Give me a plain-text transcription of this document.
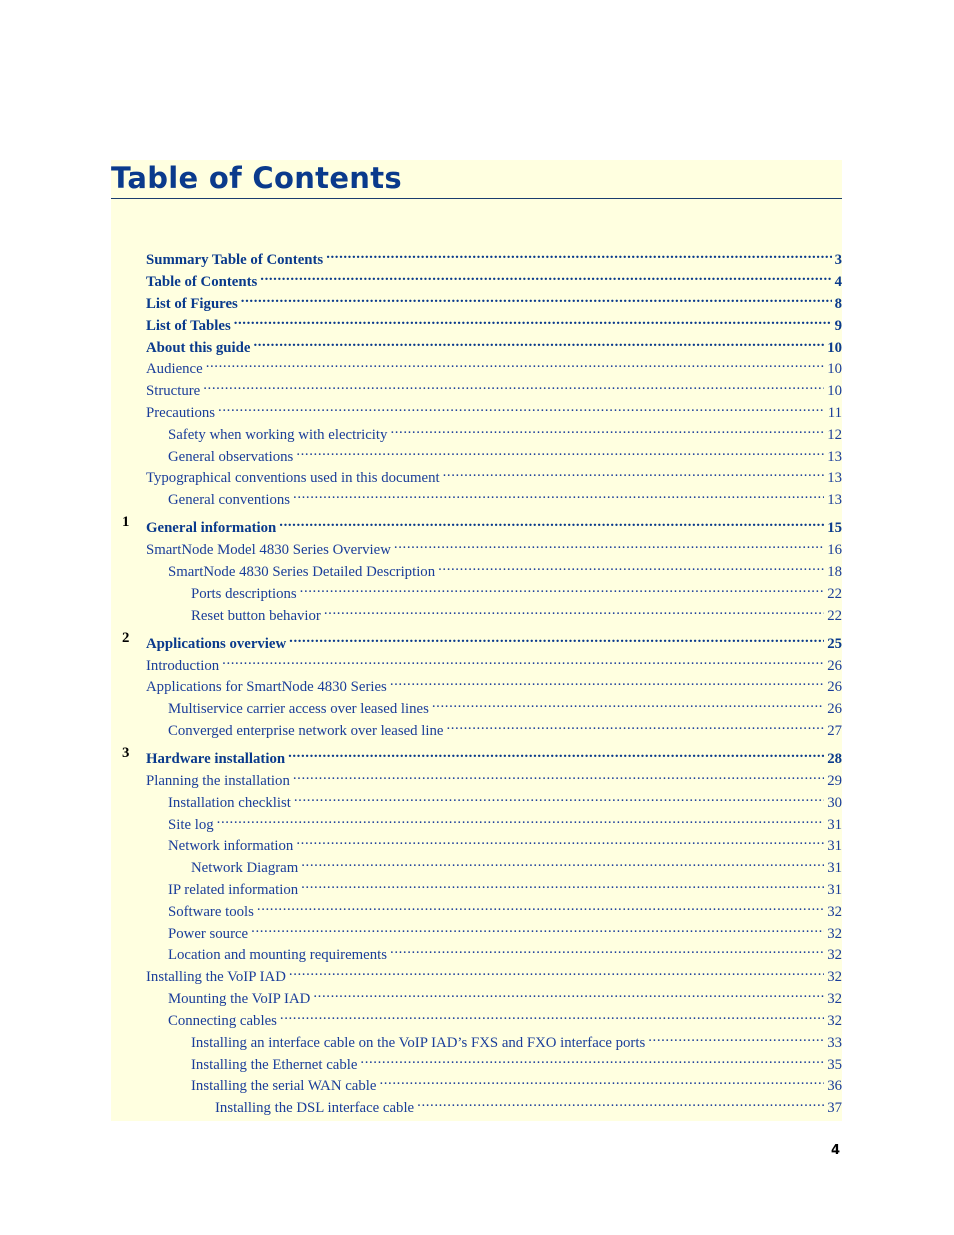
Table of Contents
Summary Table of Contents .....	3
Table of Contents .....	4
List of Figures .....	8
List of Tables .....	9
About this guide .....	10
Audience .....	10
Structure .....	10
Precautions .....	11
Safety when working with electricity .....	12
General observations .....	13
Typographical conventions used in this document .....	13
General conventions .....	13
1 General information .....	15
SmartNode Model 4830 Series Overview .....	16
SmartNode 4830 Series Detailed Description .....	18
Ports descriptions .....	22
Reset button behavior .....	22
2 Applications overview .....	25
Introduction .....	26
Applications for SmartNode 4830 Series .....	26
Multiservice carrier access over leased lines .....	26
Converged enterprise network over leased line .....	27
3 Hardware installation .....	28
Planning the installation .....	29
Installation checklist .....	30
Site log .....	31
Network information .....	31
Network Diagram .....	31
IP related information .....	31
Software tools .....	32
Power source .....	32
Location and mounting requirements .....	32
Installing the VoIP IAD .....	32
Mounting the VoIP IAD .....	32
Connecting cables .....	32
Installing an interface cable on the VoIP IAD’s FXS and FXO interface ports .....	33
Installing the Ethernet cable .....	35
Installing the serial WAN cable .....	36
Installing the DSL interface cable .....	37
4
